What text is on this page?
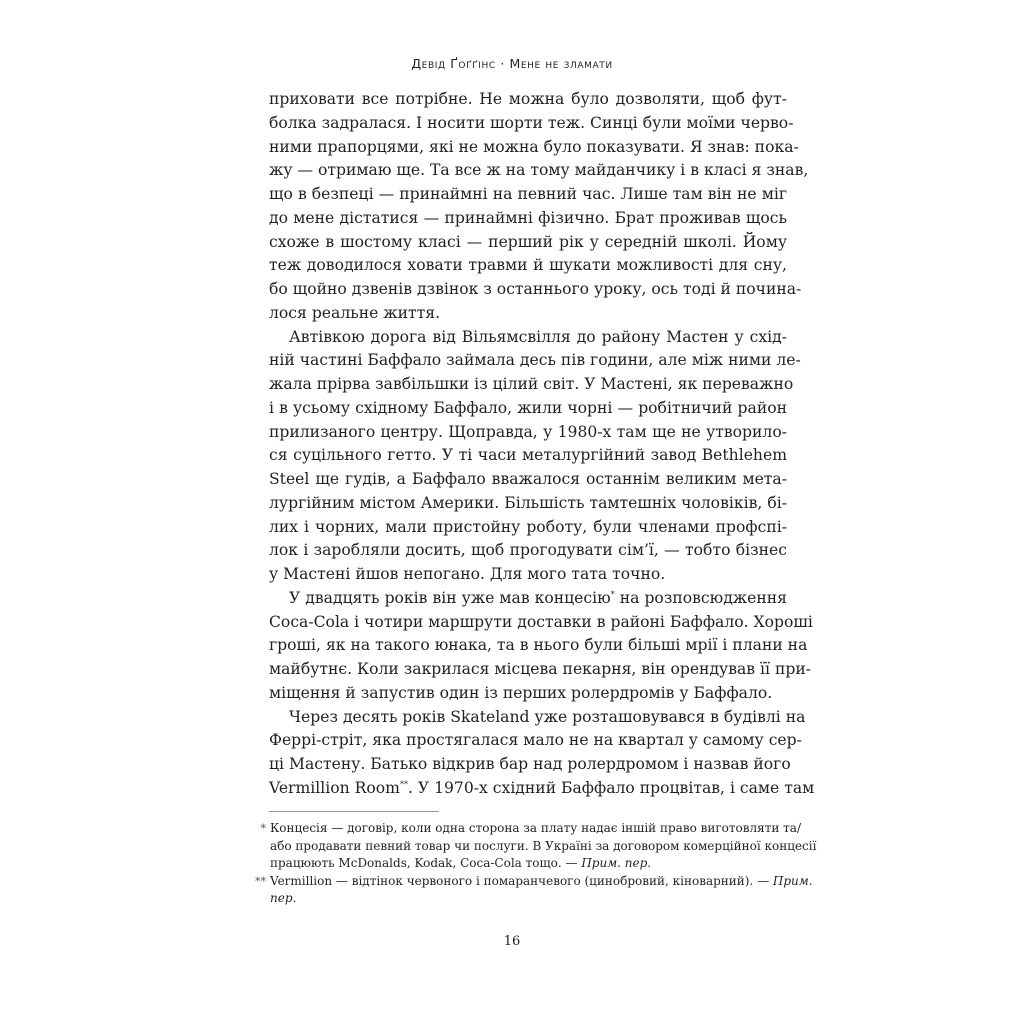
Девід Ґоґґінс · Мене не зламати
приховати все потрібне. Не можна було дозволяти, щоб фут-
болка задралася. І носити шорти теж. Синці були моїми черво-
ними прапорцями, які не можна було показувати. Я знав: пока-
жу — отримаю ще. Та все ж на тому майданчику і в класі я знав,
що в безпеці — принаймні на певний час. Лише там він не міг
до мене дістатися — принаймні фізично. Брат проживав щось
схоже в шостому класі — перший рік у середній школі. Йому
теж доводилося ховати травми й шукати можливості для сну,
бо щойно дзвенів дзвінок з останнього уроку, ось тоді й почина-
лося реальне життя.
Автівкою дорога від Вільямсвілля до району Мастен у схід-
ній частині Баффало займала десь пів години, але між ними ле-
жала прірва завбільшки із цілий світ. У Мастені, як переважно
і в усьому східному Баффало, жили чорні — робітничий район
прилизаного центру. Щоправда, у 1980-х там ще не утворило-
ся суцільного гетто. У ті часи металургійний завод Bethlehem
Steel ще гудів, а Баффало вважалося останнім великим мета-
лургійним містом Америки. Більшість тамтешніх чоловіків, бі-
лих і чорних, мали пристойну роботу, були членами профспі-
лок і заробляли досить, щоб прогодувати сім’ї, — тобто бізнес
у Мастені йшов непогано. Для мого тата точно.
У двадцять років він уже мав концесію* на розповсюдження
Coca-Cola і чотири маршрути доставки в районі Баффало. Хороші
гроші, як на такого юнака, та в нього були більші мрії і плани на
майбутнє. Коли закрилася місцева пекарня, він орендував її при-
міщення й запустив один із перших ролердромів у Баффало.
Через десять років Skateland уже розташовувався в будівлі на
Феррі-стріт, яка простягалася мало не на квартал у самому сер-
ці Мастену. Батько відкрив бар над ролердромом і назвав його
Vermillion Room**. У 1970-х східний Баффало процвітав, і саме там
* Концесія — договір, коли одна сторона за плату надає іншій право виготовляти та/
або продавати певний товар чи послуги. В Україні за договором комерційної концесії
працюють McDonalds, Kodak, Coca-Cola тощо. — Прим. пер.
** Vermillion — відтінок червоного і помаранчевого (цинобровий, кіноварний). — Прим.
пер.
16
